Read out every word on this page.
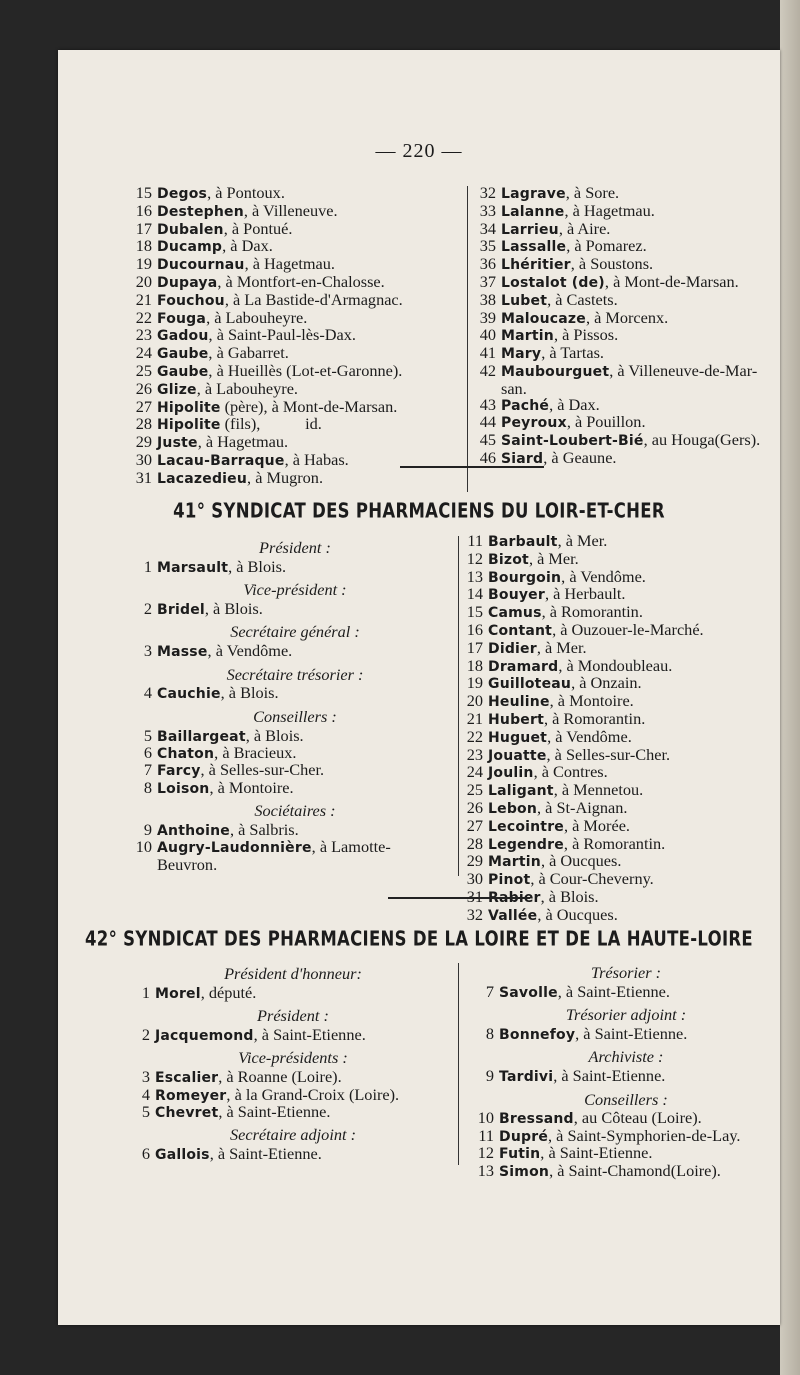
— 220 —
15 Degos, à Pontoux.
16 Destephen, à Villeneuve.
17 Dubalen, à Pontué.
18 Ducamp, à Dax.
19 Ducournau, à Hagetmau.
20 Dupaya, à Montfort-en-Chalosse.
21 Fouchou, à La Bastide-d'Armagnac.
22 Fouga, à Labouheyre.
23 Gadou, à Saint-Paul-lès-Dax.
24 Gaube, à Gabarret.
25 Gaube, à Hueillès (Lot-et-Garonne).
26 Glize, à Labouheyre.
27 Hipolite (père), à Mont-de-Marsan.
28 Hipolite (fils),           id.
29 Juste, à Hagetmau.
30 Lacau-Barraque, à Habas.
31 Lacazedieu, à Mugron.
32 Lagrave, à Sore.
33 Lalanne, à Hagetmau.
34 Larrieu, à Aire.
35 Lassalle, à Pomarez.
36 Lhéritier, à Soustons.
37 Lostalot (de), à Mont-de-Marsan.
38 Lubet, à Castets.
39 Maloucaze, à Morcenx.
40 Martin, à Pissos.
41 Mary, à Tartas.
42 Maubourguet, à Villeneuve-de-Mar-
san.
43 Paché, à Dax.
44 Peyroux, à Pouillon.
45 Saint-Loubert-Bié, au Houga(Gers).
46 Siard, à Geaune.
41° SYNDICAT DES PHARMACIENS DU LOIR-ET-CHER
Président :
1 Marsault, à Blois.
Vice-président :
2 Bridel, à Blois.
Secrétaire général :
3 Masse, à Vendôme.
Secrétaire trésorier :
4 Cauchie, à Blois.
Conseillers :
5 Baillargeat, à Blois.
6 Chaton, à Bracieux.
7 Farcy, à Selles-sur-Cher.
8 Loison, à Montoire.
Sociétaires :
9 Anthoine, à Salbris.
10 Augry-Laudonnière, à Lamotte-
Beuvron.
11 Barbault, à Mer.
12 Bizot, à Mer.
13 Bourgoin, à Vendôme.
14 Bouyer, à Herbault.
15 Camus, à Romorantin.
16 Contant, à Ouzouer-le-Marché.
17 Didier, à Mer.
18 Dramard, à Mondoubleau.
19 Guilloteau, à Onzain.
20 Heuline, à Montoire.
21 Hubert, à Romorantin.
22 Huguet, à Vendôme.
23 Jouatte, à Selles-sur-Cher.
24 Joulin, à Contres.
25 Laligant, à Mennetou.
26 Lebon, à St-Aignan.
27 Lecointre, à Morée.
28 Legendre, à Romorantin.
29 Martin, à Oucques.
30 Pinot, à Cour-Cheverny.
31 Rabier, à Blois.
32 Vallée, à Oucques.
42° SYNDICAT DES PHARMACIENS DE LA LOIRE ET DE LA HAUTE-LOIRE
Président d'honneur:
1 Morel, député.
Président :
2 Jacquemond, à Saint-Etienne.
Vice-présidents :
3 Escalier, à Roanne (Loire).
4 Romeyer, à la Grand-Croix (Loire).
5 Chevret, à Saint-Etienne.
Secrétaire adjoint :
6 Gallois, à Saint-Etienne.
Trésorier :
7 Savolle, à Saint-Etienne.
Trésorier adjoint :
8 Bonnefoy, à Saint-Etienne.
Archiviste :
9 Tardivi, à Saint-Etienne.
Conseillers :
10 Bressand, au Côteau (Loire).
11 Dupré, à Saint-Symphorien-de-Lay.
12 Futin, à Saint-Etienne.
13 Simon, à Saint-Chamond(Loire).
